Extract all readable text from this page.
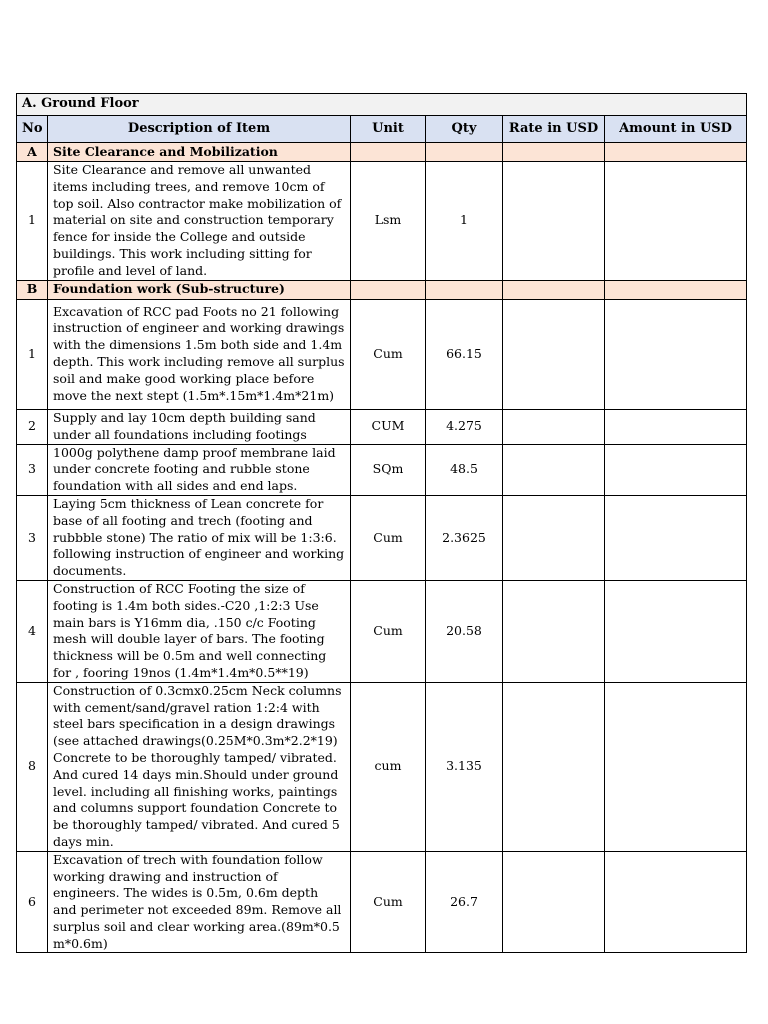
A. Ground Floor					
No	Description of Item	Unit	Qty	Rate in USD	Amount in USD
A	Site Clearance and Mobilization				
1	Site Clearance and remove all unwanted items including trees, and remove 10cm of top soil. Also contractor make mobilization of material on site and construction temporary fence for inside the College and outside buildings. This work including sitting for profile and level of land.	Lsm	1		
B	Foundation work (Sub-structure)				
1	Excavation of RCC pad Foots no 21 following instruction of engineer and working drawings with the dimensions 1.5m both side and 1.4m depth. This work including remove all surplus soil and make good working place before move the next stept (1.5m*.15m*1.4m*21m)	Cum	66.15		
2	Supply and lay 10cm depth building sand under all foundations including footings	CUM	4.275		
3	1000g polythene damp proof membrane laid under concrete footing and rubble stone foundation with all sides and end laps.	SQm	48.5		
3	Laying 5cm thickness of Lean concrete for base of all footing and trech (footing and rubbble stone) The ratio of mix will be 1:3:6. following instruction of engineer and working documents.	Cum	2.3625		
4	Construction of RCC Footing the size of footing is 1.4m both sides.-C20 ,1:2:3 Use main bars is Y16mm dia, .150 c/c Footing mesh will double layer of bars. The footing thickness will be 0.5m and well connecting for , fooring 19nos (1.4m*1.4m*0.5**19)	Cum	20.58		
8	Construction of 0.3cmx0.25cm Neck columns with cement/sand/gravel ration 1:2:4 with steel bars specification in a design drawings (see attached drawings(0.25M*0.3m*2.2*19) Concrete to be thoroughly tamped/ vibrated. And cured 14 days min.Should under ground level. including all finishing works, paintings and columns support foundation Concrete to be thoroughly tamped/ vibrated. And cured 5 days min.	cum	3.135		
6	Excavation of trech with foundation follow working drawing and instruction of engineers. The wides is 0.5m, 0.6m depth and perimeter not exceeded 89m. Remove all surplus soil and clear working area.(89m*0.5 m*0.6m)	Cum	26.7		
